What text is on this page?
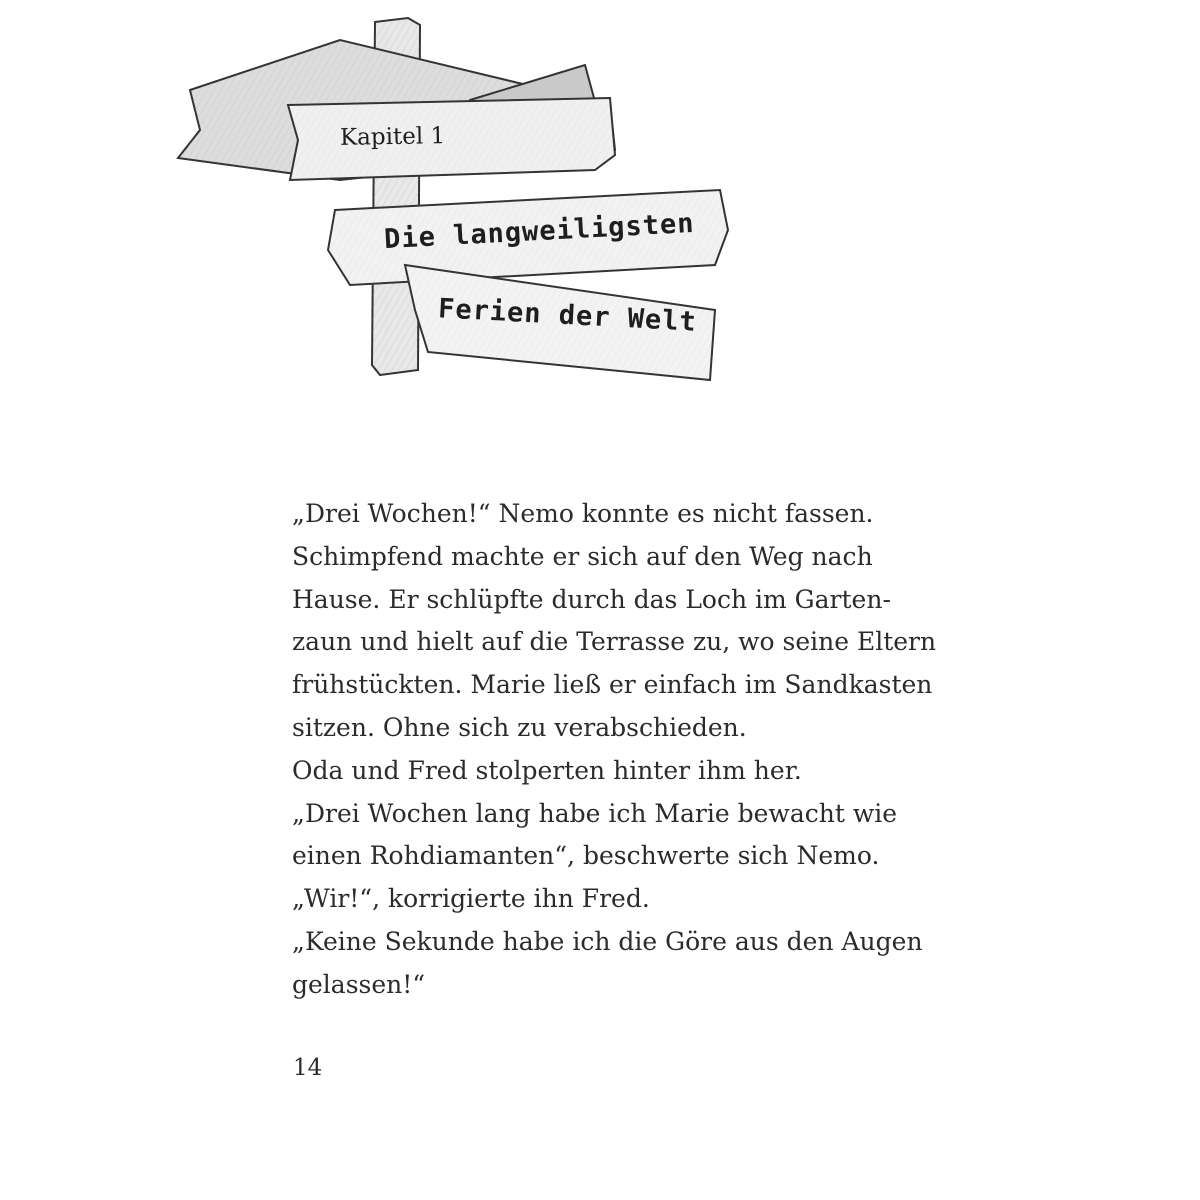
Kapitel 1
Die langweiligsten
Ferien der Welt
„Drei Wochen!“ Nemo konnte es nicht fassen.
Schimpfend machte er sich auf den Weg nach
Hause. Er schlüpfte durch das Loch im Garten-
zaun und hielt auf die Terrasse zu, wo seine Eltern
frühstückten. Marie ließ er einfach im Sandkasten
sitzen. Ohne sich zu verabschieden.
Oda und Fred stolperten hinter ihm her.
„Drei Wochen lang habe ich Marie bewacht wie
einen Rohdiamanten“, beschwerte sich Nemo.
„Wir!“, korrigierte ihn Fred.
„Keine Sekunde habe ich die Göre aus den Augen
gelassen!“
14
